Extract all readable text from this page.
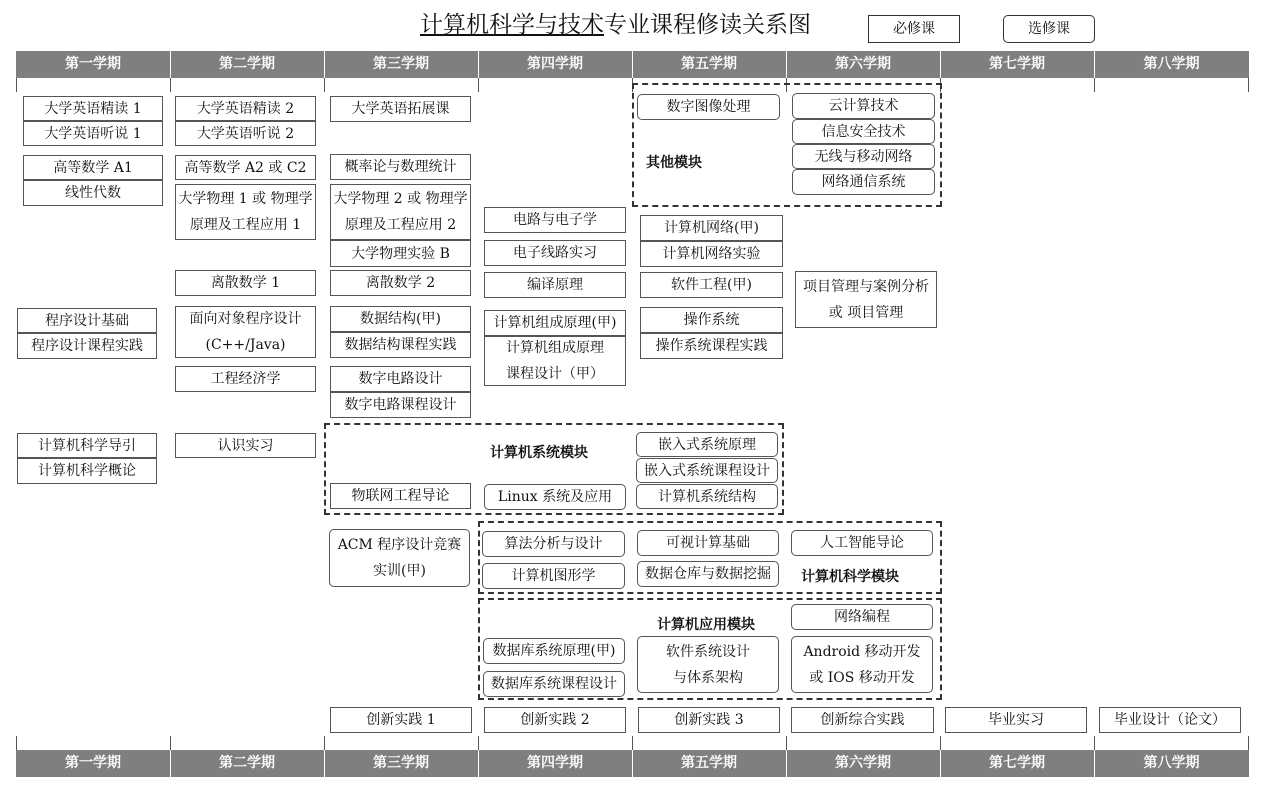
计算机科学与技术专业课程修读关系图	必修课	选修课
第一学期	第二学期	第三学期	第四学期	第五学期	第六学期	第七学期	第八学期
第一学期	第二学期	第三学期	第四学期	第五学期	第六学期	第七学期	第八学期
其他模块
计算机系统模块
计算机科学模块
计算机应用模块
大学英语精读 1
大学英语听说 1
高等数学 A1
线性代数
程序设计基础
程序设计课程实践
计算机科学导引
计算机科学概论
大学英语精读 2
大学英语听说 2
高等数学 A2 或 C2
大学物理 1 或 物理学
原理及工程应用 1
离散数学 1
面向对象程序设计
(C++/Java)
工程经济学
认识实习
大学英语拓展课
概率论与数理统计
大学物理 2 或 物理学
原理及工程应用 2
大学物理实验 B
离散数学 2
数据结构(甲)
数据结构课程实践
数字电路设计
数字电路课程设计
物联网工程导论
ACM 程序设计竞赛
实训(甲)
创新实践 1
电路与电子学
电子线路实习
编译原理
计算机组成原理(甲)
计算机组成原理
课程设计（甲）
Linux 系统及应用
算法分析与设计
计算机图形学
数据库系统原理(甲)
数据库系统课程设计
创新实践 2
数字图像处理
计算机网络(甲)
计算机网络实验
软件工程(甲)
操作系统
操作系统课程实践
嵌入式系统原理
嵌入式系统课程设计
计算机系统结构
可视计算基础
数据仓库与数据挖掘
软件系统设计
与体系架构
创新实践 3
云计算技术
信息安全技术
无线与移动网络
网络通信系统
项目管理与案例分析
或 项目管理
人工智能导论
网络编程
Android 移动开发
或 IOS 移动开发
创新综合实践	毕业实习	毕业设计（论文）
